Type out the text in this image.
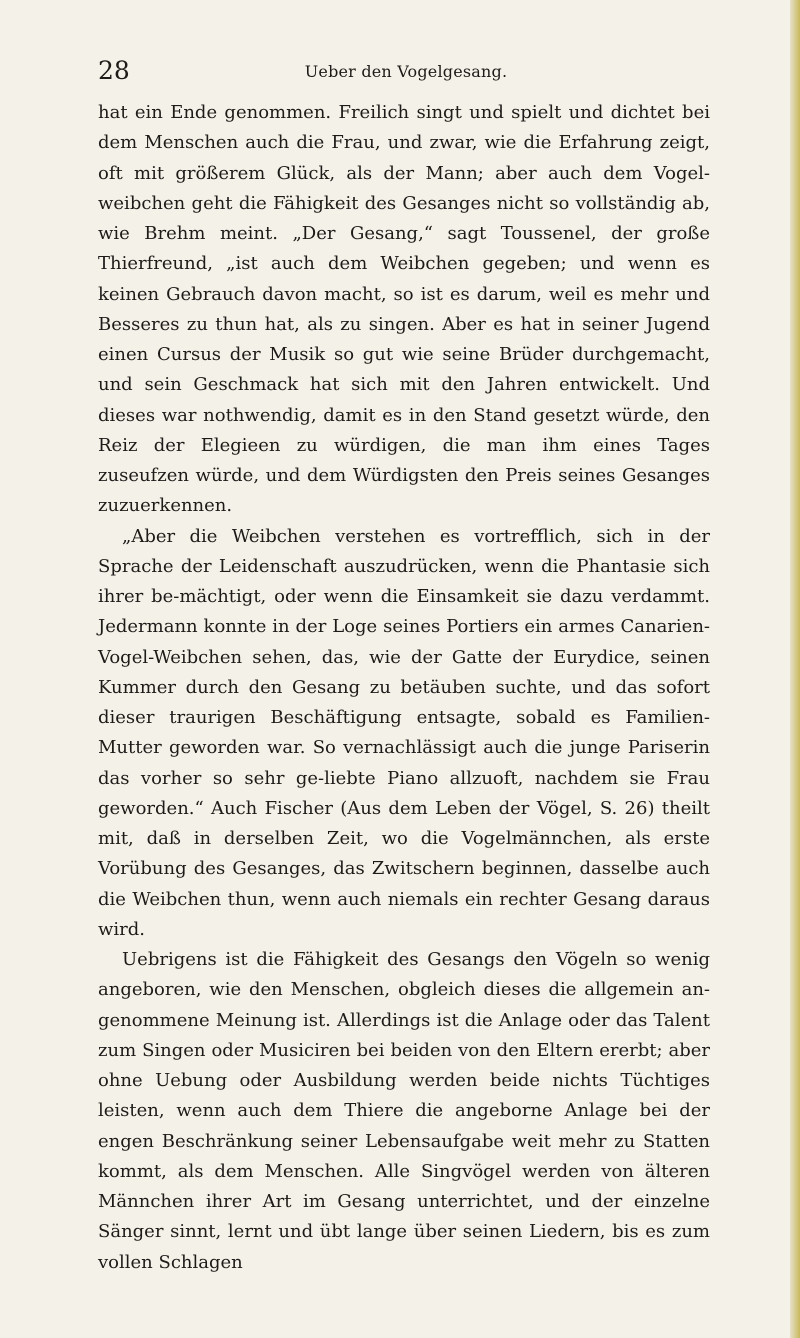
28	Ueber den Vogelgesang.

hat ein Ende genommen. Freilich singt und spielt und dichtet bei dem Menschen auch die Frau, und zwar, wie die Erfahrung zeigt, oft mit größerem Glück, als der Mann; aber auch dem Vogel-weibchen geht die Fähigkeit des Gesanges nicht so vollständig ab, wie Brehm meint. „Der Gesang,“ sagt Toussenel, der große Thierfreund, „ist auch dem Weibchen gegeben; und wenn es keinen Gebrauch davon macht, so ist es darum, weil es mehr und Besseres zu thun hat, als zu singen. Aber es hat in seiner Jugend einen Cursus der Musik so gut wie seine Brüder durchgemacht, und sein Geschmack hat sich mit den Jahren entwickelt. Und dieses war nothwendig, damit es in den Stand gesetzt würde, den Reiz der Elegieen zu würdigen, die man ihm eines Tages zuseufzen würde, und dem Würdigsten den Preis seines Gesanges zuzuerkennen.

„Aber die Weibchen verstehen es vortrefflich, sich in der Sprache der Leidenschaft auszudrücken, wenn die Phantasie sich ihrer be-mächtigt, oder wenn die Einsamkeit sie dazu verdammt. Jedermann konnte in der Loge seines Portiers ein armes Canarien-Vogel-Weibchen sehen, das, wie der Gatte der Eurydice, seinen Kummer durch den Gesang zu betäuben suchte, und das sofort dieser traurigen Beschäftigung entsagte, sobald es Familien-Mutter geworden war. So vernachlässigt auch die junge Pariserin das vorher so sehr ge-liebte Piano allzuoft, nachdem sie Frau geworden.“ Auch Fischer (Aus dem Leben der Vögel, S. 26) theilt mit, daß in derselben Zeit, wo die Vogelmännchen, als erste Vorübung des Gesanges, das Zwitschern beginnen, dasselbe auch die Weibchen thun, wenn auch niemals ein rechter Gesang daraus wird.

Uebrigens ist die Fähigkeit des Gesangs den Vögeln so wenig angeboren, wie den Menschen, obgleich dieses die allgemein an-genommene Meinung ist. Allerdings ist die Anlage oder das Talent zum Singen oder Musiciren bei beiden von den Eltern ererbt; aber ohne Uebung oder Ausbildung werden beide nichts Tüchtiges leisten, wenn auch dem Thiere die angeborne Anlage bei der engen Beschränkung seiner Lebensaufgabe weit mehr zu Statten kommt, als dem Menschen. Alle Singvögel werden von älteren Männchen ihrer Art im Gesang unterrichtet, und der einzelne Sänger sinnt, lernt und übt lange über seinen Liedern, bis es zum vollen Schlagen
